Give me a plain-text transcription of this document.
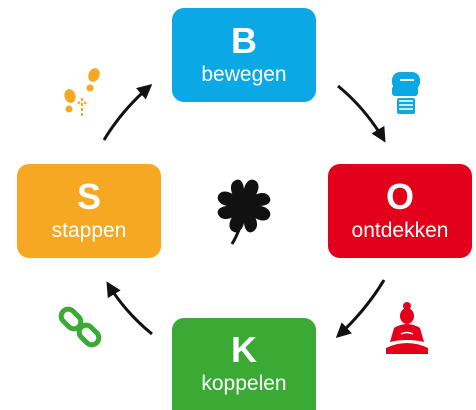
B
bewegen
O
ontdekken
K
koppelen
S
stappen
